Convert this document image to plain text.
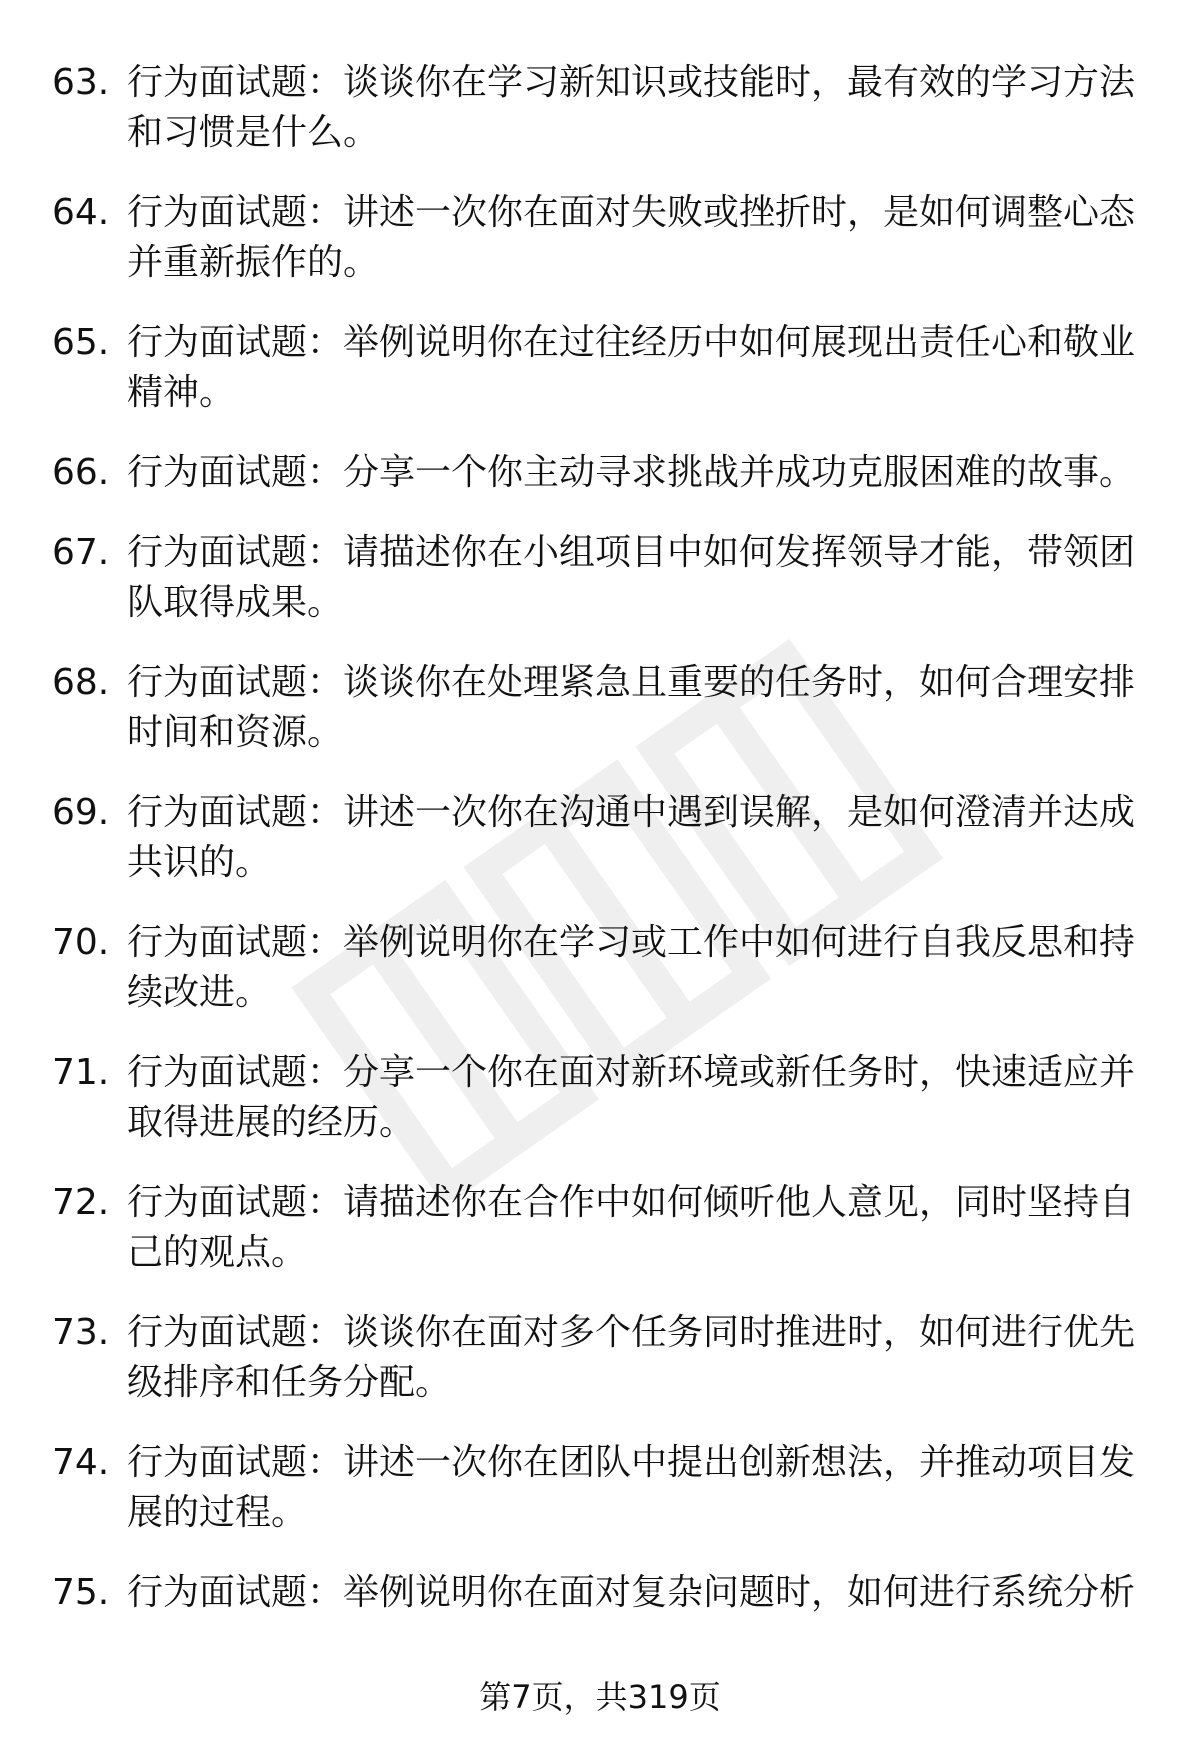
63. 行为面试题：谈谈你在学习新知识或技能时，最有效的学习方法和习惯是什么。
64. 行为面试题：讲述一次你在面对失败或挫折时，是如何调整心态并重新振作的。
65. 行为面试题：举例说明你在过往经历中如何展现出责任心和敬业精神。
66. 行为面试题：分享一个你主动寻求挑战并成功克服困难的故事。
67. 行为面试题：请描述你在小组项目中如何发挥领导才能，带领团队取得成果。
68. 行为面试题：谈谈你在处理紧急且重要的任务时，如何合理安排时间和资源。
69. 行为面试题：讲述一次你在沟通中遇到误解，是如何澄清并达成共识的。
70. 行为面试题：举例说明你在学习或工作中如何进行自我反思和持续改进。
71. 行为面试题：分享一个你在面对新环境或新任务时，快速适应并取得进展的经历。
72. 行为面试题：请描述你在合作中如何倾听他人意见，同时坚持自己的观点。
73. 行为面试题：谈谈你在面对多个任务同时推进时，如何进行优先级排序和任务分配。
74. 行为面试题：讲述一次你在团队中提出创新想法，并推动项目发展的过程。
75. 行为面试题：举例说明你在面对复杂问题时，如何进行系统分析
第7页，共319页
